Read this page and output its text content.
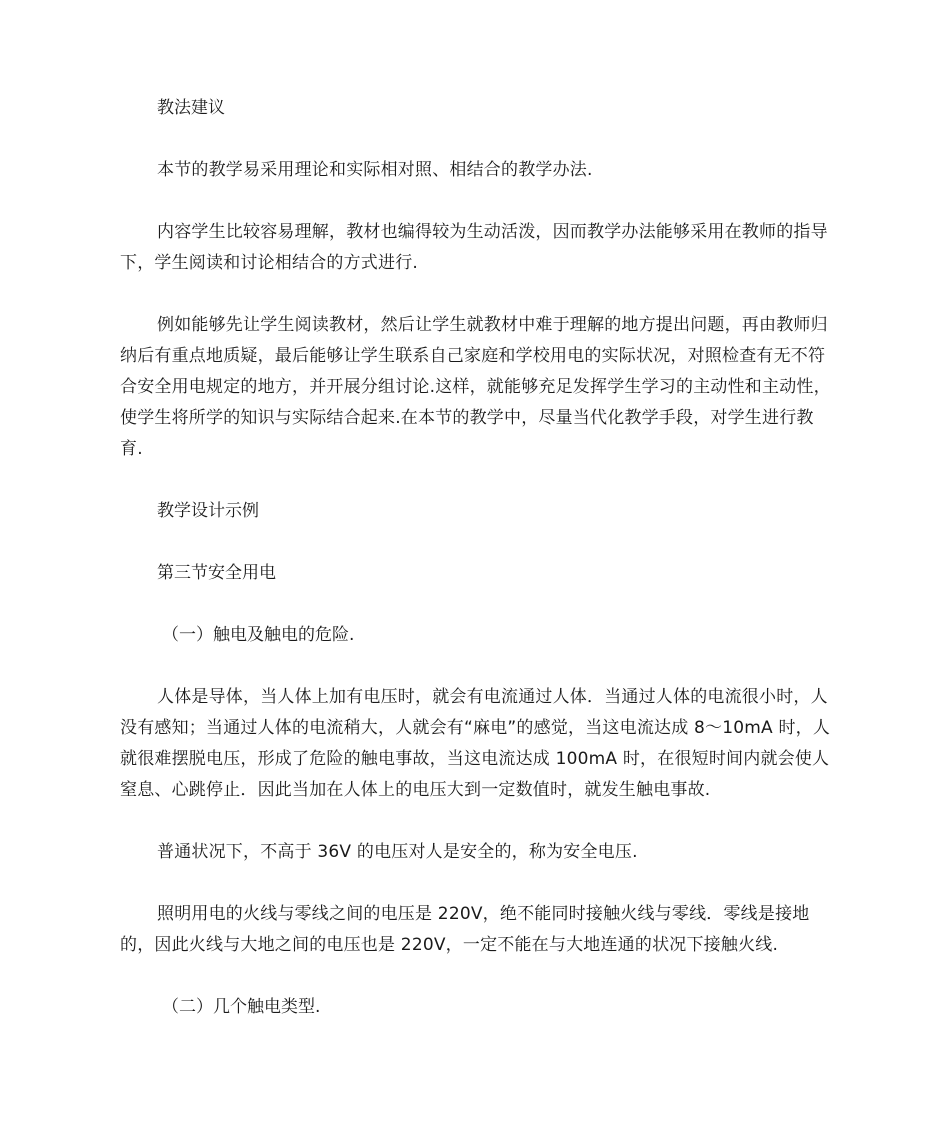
教法建议

本节的教学易采用理论和实际相对照、相结合的教学办法.

内容学生比较容易理解，教材也编得较为生动活泼，因而教学办法能够采用在教师的指导下，学生阅读和讨论相结合的方式进行.

例如能够先让学生阅读教材，然后让学生就教材中难于理解的地方提出问题，再由教师归纳后有重点地质疑，最后能够让学生联系自己家庭和学校用电的实际状况，对照检查有无不符合安全用电规定的地方，并开展分组讨论.这样，就能够充足发挥学生学习的主动性和主动性，使学生将所学的知识与实际结合起来.在本节的教学中，尽量当代化教学手段，对学生进行教育.

教学设计示例

第三节安全用电

（一）触电及触电的危险.

人体是导体，当人体上加有电压时，就会有电流通过人体．当通过人体的电流很小时，人没有感知；当通过人体的电流稍大，人就会有“麻电”的感觉，当这电流达成 8～10mA 时，人就很难摆脱电压，形成了危险的触电事故，当这电流达成 100mA 时，在很短时间内就会使人窒息、心跳停止．因此当加在人体上的电压大到一定数值时，就发生触电事故.

普通状况下，不高于 36V 的电压对人是安全的，称为安全电压.

照明用电的火线与零线之间的电压是 220V，绝不能同时接触火线与零线．零线是接地的，因此火线与大地之间的电压也是 220V，一定不能在与大地连通的状况下接触火线.

（二）几个触电类型.
